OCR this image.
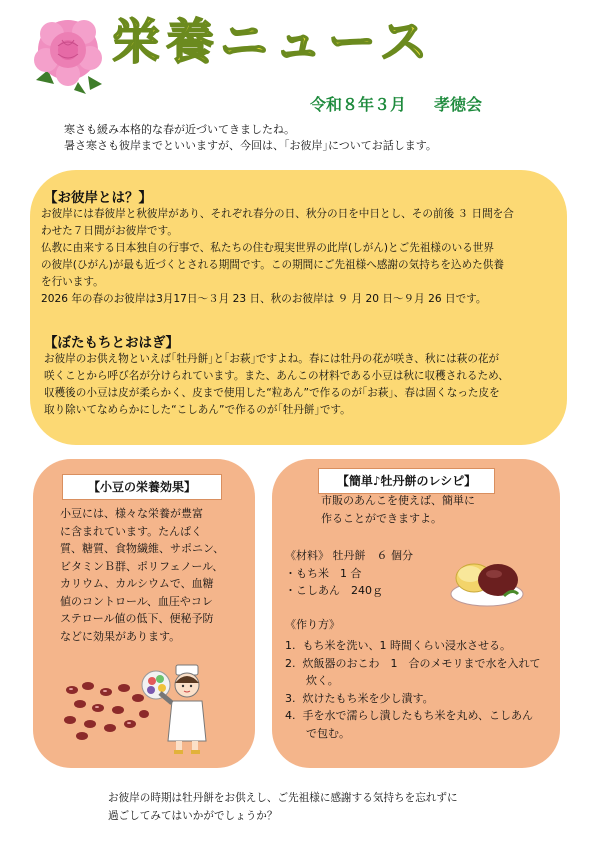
栄養ニュース
令和８年３月 孝徳会
寒さも緩み本格的な春が近づいてきましたね。
暑さ寒さも彼岸までといいますが、今回は、｢お彼岸｣についてお話します。
【お彼岸とは？】

お彼岸には春彼岸と秋彼岸があり、それぞれ春分の日、秋分の日を中日とし、その前後 ３ 日間を合

わせた７日間がお彼岸です。

仏教に由来する日本独自の行事で、私たちの住む現実世界の此岸(しがん)とご先祖様のいる世界

の彼岸(ひがん)が最も近づくとされる期間です。この期間にご先祖様へ感謝の気持ちを込めた供養

を行います。

2026 年の春のお彼岸は3月17日～３月 23 日、秋のお彼岸は ９ 月 20 日～９月 26 日です。

【ぼたもちとおはぎ】

お彼岸のお供え物といえば｢牡丹餅｣と｢お萩｣ですよね。春には牡丹の花が咲き、秋には萩の花が

咲くことから呼び名が分けられています。また、あんこの材料である小豆は秋に収穫されるため、

収穫後の小豆は皮が柔らかく、皮まで使用した“粒あん”で作るのが｢お萩｣、春は固くなった皮を

取り除いてなめらかにした“こしあん”で作るのが｢牡丹餅｣です。

【小豆の栄養効果】
小豆には、様々な栄養が豊富
に含まれています。たんぱく
質、糖質、食物繊維、サポニン、
ビタミンＢ群、ポリフェノール、
カリウム、カルシウムで、血糖
値のコントロール、血圧やコレ
ステロール値の低下、便秘予防
などに効果があります。
【簡単♪牡丹餅のレシピ】
市販のあんこを使えば、簡単に
作ることができますよ。
《材料》 牡丹餅　６ 個分
・もち米　1 合
・こしあん　240ｇ
《作り方》
1.  もち米を洗い、1 時間くらい浸水させる。
2.  炊飯器のおこわ　1　合のメモリまで水を入れて
炊く。
3.  炊けたもち米を少し潰す。
4.  手を水で濡らし潰したもち米を丸め、こしあん
で包む。
お彼岸の時期は牡丹餅をお供えし、ご先祖様に感謝する気持ちを忘れずに
過ごしてみてはいかがでしょうか？
